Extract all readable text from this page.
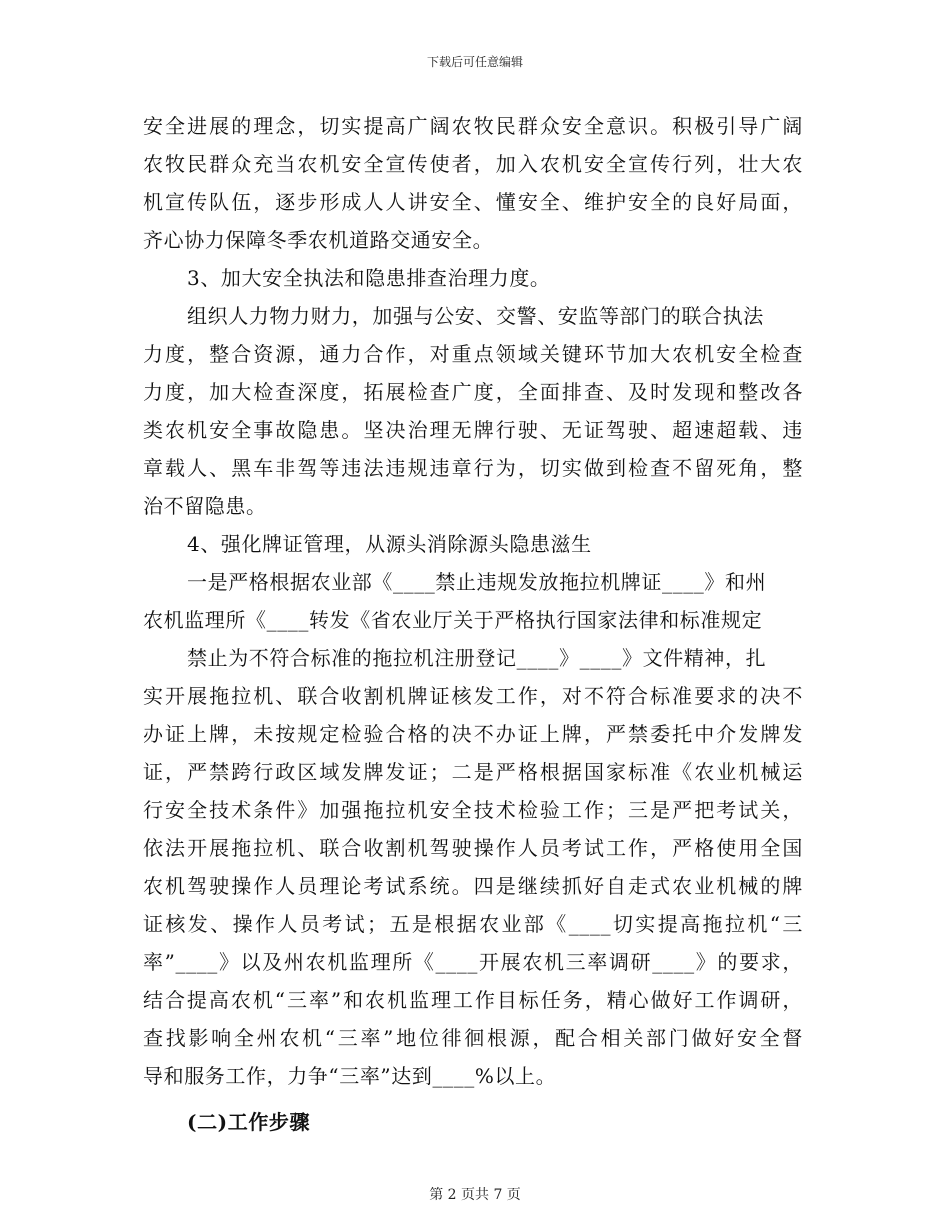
下载后可任意编辑
安全进展的理念，切实提高广阔农牧民群众安全意识。积极引导广阔
农牧民群众充当农机安全宣传使者，加入农机安全宣传行列，壮大农
机宣传队伍，逐步形成人人讲安全、懂安全、维护安全的良好局面，
齐心协力保障冬季农机道路交通安全。
3、加大安全执法和隐患排查治理力度。
组织人力物力财力，加强与公安、交警、安监等部门的联合执法
力度，整合资源，通力合作，对重点领域关键环节加大农机安全检查
力度，加大检查深度，拓展检查广度，全面排查、及时发现和整改各
类农机安全事故隐患。坚决治理无牌行驶、无证驾驶、超速超载、违
章载人、黑车非驾等违法违规违章行为，切实做到检查不留死角，整
治不留隐患。
4、强化牌证管理，从源头消除源头隐患滋生
一是严格根据农业部《____禁止违规发放拖拉机牌证____》和州
农机监理所《____转发《省农业厅关于严格执行国家法律和标准规定
禁止为不符合标准的拖拉机注册登记____》____》文件精神，扎
实开展拖拉机、联合收割机牌证核发工作，对不符合标准要求的决不
办证上牌，未按规定检验合格的决不办证上牌，严禁委托中介发牌发
证，严禁跨行政区域发牌发证；二是严格根据国家标准《农业机械运
行安全技术条件》加强拖拉机安全技术检验工作；三是严把考试关，
依法开展拖拉机、联合收割机驾驶操作人员考试工作，严格使用全国
农机驾驶操作人员理论考试系统。四是继续抓好自走式农业机械的牌
证核发、操作人员考试；五是根据农业部《____切实提高拖拉机“三
率”____》以及州农机监理所《____开展农机三率调研____》的要求，
结合提高农机“三率”和农机监理工作目标任务，精心做好工作调研，
查找影响全州农机“三率”地位徘徊根源，配合相关部门做好安全督
导和服务工作，力争“三率”达到____%以上。
(二)工作步骤
第 2 页共 7 页
